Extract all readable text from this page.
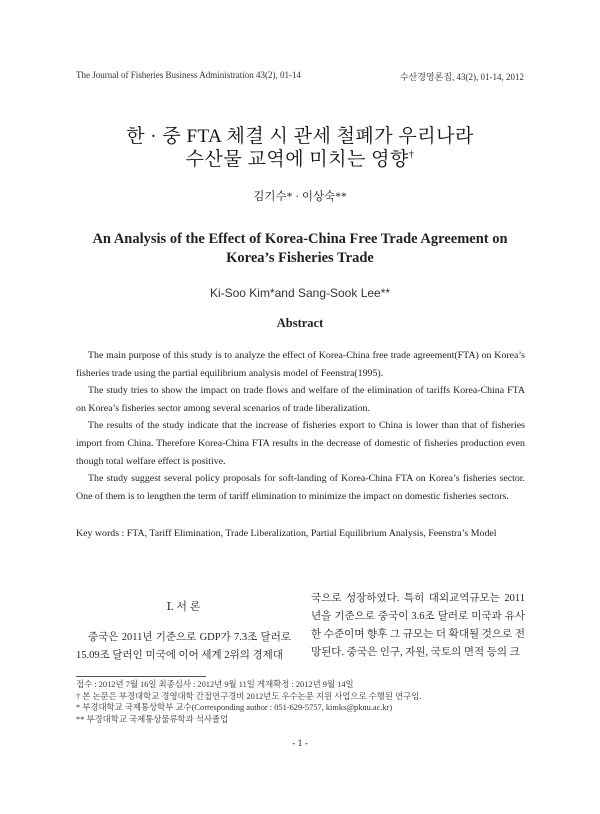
The Journal of Fisheries Business Administration 43(2), 01-14	수산경영론집, 43(2), 01-14, 2012
한 · 중 FTA 체결 시 관세 철폐가 우리나라
수산물 교역에 미치는 영향†
김기수* · 이상숙**
An Analysis of the Effect of Korea-China Free Trade Agreement on
Korea’s Fisheries Trade
Ki-Soo Kim*and Sang-Sook Lee**
Abstract

The main purpose of this study is to analyze the effect of Korea-China free trade agreement(FTA) on Korea’s fisheries trade using the partial equilibrium analysis model of Feenstra(1995).

The study tries to show the impact on trade flows and welfare of the elimination of tariffs Korea-China FTA on Korea’s fisheries sector among several scenarios of trade liberalization.

The results of the study indicate that the increase of fisheries export to China is lower than that of fisheries import from China. Therefore Korea-China FTA results in the decrease of domestic of fisheries production even though total welfare effect is positive.

The study suggest several policy proposals for soft-landing of Korea-China FTA on Korea’s fisheries sector. One of them is to lengthen the term of tariff elimination to minimize the impact on domestic fisheries sectors.

Key words : FTA, Tariff Elimination, Trade Liberalization, Partial Equilibrium Analysis, Feenstra’s Model
Ⅰ. 서 론

중국은 2011년 기준으로 GDP가 7.3조 달러로 15.09조 달러인 미국에 이어 세계 2위의 경제대

국으로 성장하였다. 특히 대외교역규모는 2011년을 기준으로 중국이 3.6조 달러로 미국과 유사한 수준이며 향후 그 규모는 더 확대될 것으로 전망된다. 중국은 인구, 자원, 국토의 면적 등의 크

접수 : 2012년 7월 16일 최종심사 : 2012년 9월 11일 게재확정 : 2012년 9월 14일
† 본 논문은 부경대학교 경영대학 간접연구경비 2012년도 우수논문 지원 사업으로 수행된 연구임.
* 부경대학교 국제통상학부 교수(Corresponding author : 051-629-5757, kimks@pknu.ac.kr)
** 부경대학교 국제통상물류학과 석사졸업
- 1 -
